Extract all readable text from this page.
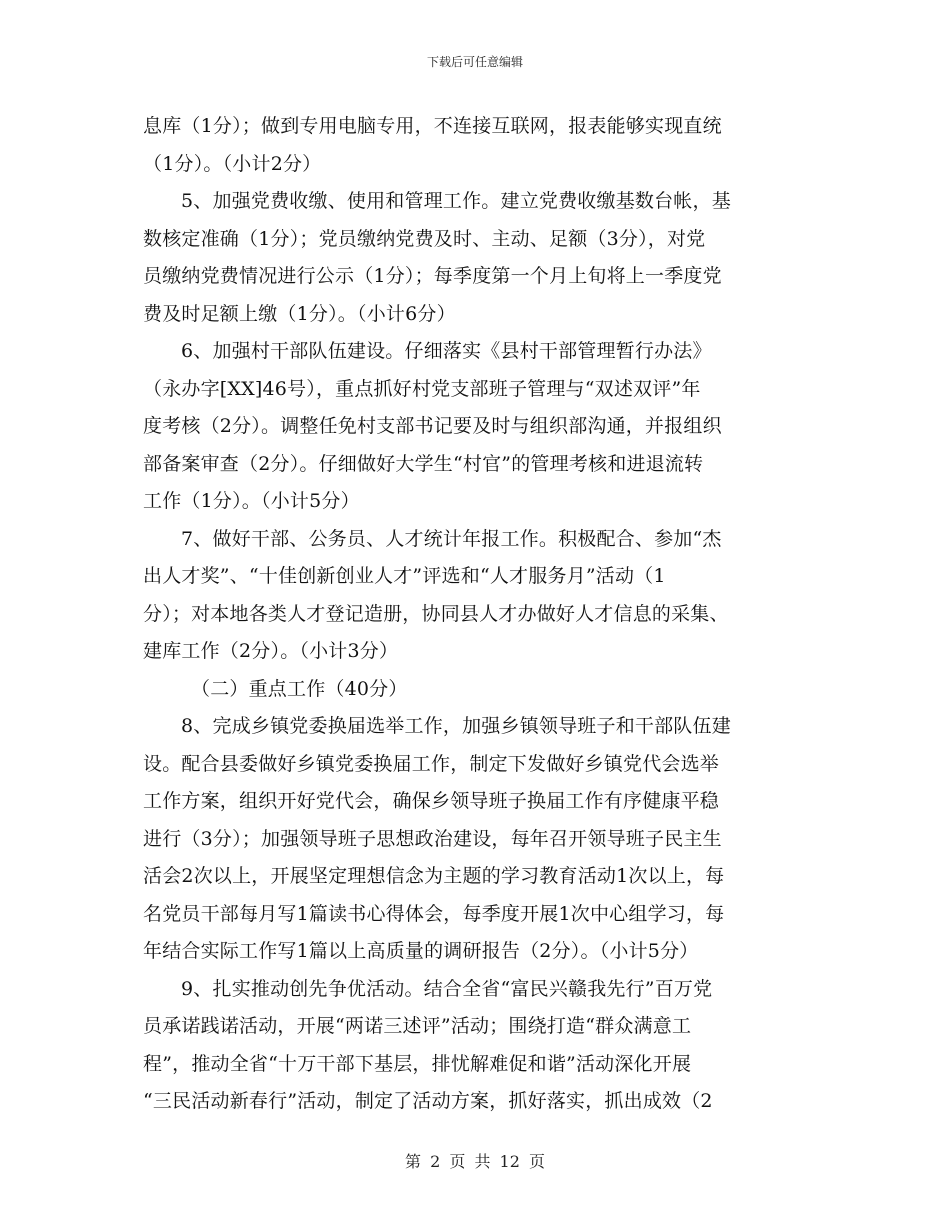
下载后可任意编辑
息库（1分）；做到专用电脑专用，不连接互联网，报表能够实现直统
（1分）。（小计2分）
5、加强党费收缴、使用和管理工作。建立党费收缴基数台帐，基
数核定准确（1分）；党员缴纳党费及时、主动、足额（3分），对党
员缴纳党费情况进行公示（1分）；每季度第一个月上旬将上一季度党
费及时足额上缴（1分）。（小计6分）
6、加强村干部队伍建设。仔细落实《县村干部管理暂行办法》
（永办字[XX]46号），重点抓好村党支部班子管理与“双述双评”年
度考核（2分）。调整任免村支部书记要及时与组织部沟通，并报组织
部备案审查（2分）。仔细做好大学生“村官”的管理考核和进退流转
工作（1分）。（小计5分）
7、做好干部、公务员、人才统计年报工作。积极配合、参加“杰
出人才奖”、“十佳创新创业人才”评选和“人才服务月”活动（1
分）；对本地各类人才登记造册，协同县人才办做好人才信息的采集、
建库工作（2分）。（小计3分）
（二）重点工作（40分）
8、完成乡镇党委换届选举工作，加强乡镇领导班子和干部队伍建
设。配合县委做好乡镇党委换届工作，制定下发做好乡镇党代会选举
工作方案，组织开好党代会，确保乡领导班子换届工作有序健康平稳
进行（3分）；加强领导班子思想政治建设，每年召开领导班子民主生
活会2次以上，开展坚定理想信念为主题的学习教育活动1次以上，每
名党员干部每月写1篇读书心得体会，每季度开展1次中心组学习，每
年结合实际工作写1篇以上高质量的调研报告（2分）。（小计5分）
9、扎实推动创先争优活动。结合全省“富民兴赣我先行”百万党
员承诺践诺活动，开展“两诺三述评”活动；围绕打造“群众满意工
程”，推动全省“十万干部下基层，排忧解难促和谐”活动深化开展
“三民活动新春行”活动，制定了活动方案，抓好落实，抓出成效（2
第 2 页 共 12 页
